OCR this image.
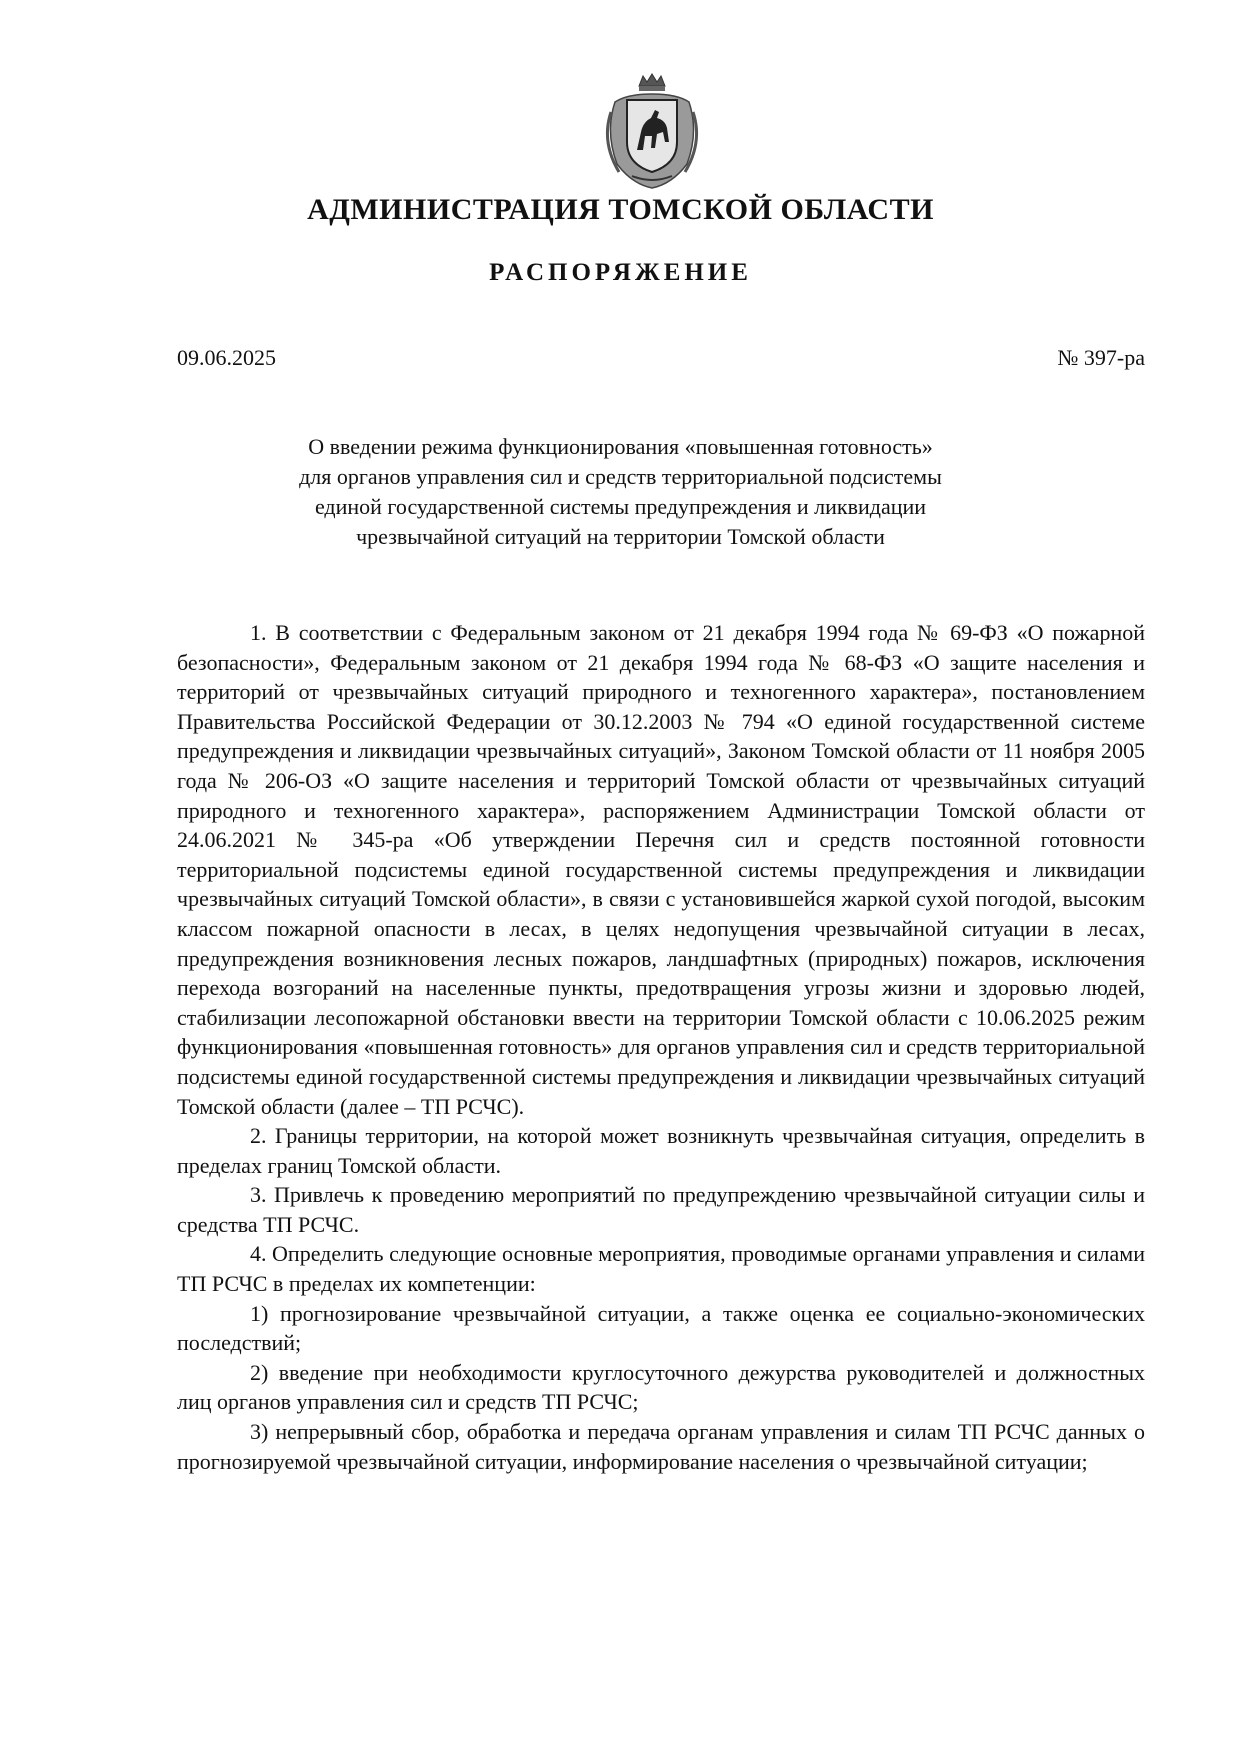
АДМИНИСТРАЦИЯ ТОМСКОЙ ОБЛАСТИ
РАСПОРЯЖЕНИЕ
09.06.2025	№ 397-ра
О введении режима функционирования «повышенная готовность»
для органов управления сил и средств территориальной подсистемы
единой государственной системы предупреждения и ликвидации
чрезвычайной ситуаций на территории Томской области

1. В соответствии с Федеральным законом от 21 декабря 1994 года № 69-ФЗ «О пожарной безопасности», Федеральным законом от 21 декабря 1994 года № 68-ФЗ «О защите населения и территорий от чрезвычайных ситуаций природного и техногенного характера», постановлением Правительства Российской Федерации от 30.12.2003 № 794 «О единой государственной системе предупреждения и ликвидации чрезвычайных ситуаций», Законом Томской области от 11 ноября 2005 года № 206-ОЗ «О защите населения и территорий Томской области от чрезвычайных ситуаций природного и техногенного характера», распоряжением Администрации Томской области от 24.06.2021 № 345-ра «Об утверждении Перечня сил и средств постоянной готовности территориальной подсистемы единой государственной системы предупреждения и ликвидации чрезвычайных ситуаций Томской области», в связи с установившейся жаркой сухой погодой, высоким классом пожарной опасности в лесах, в целях недопущения чрезвычайной ситуации в лесах, предупреждения возникновения лесных пожаров, ландшафтных (природных) пожаров, исключения перехода возгораний на населенные пункты, предотвращения угрозы жизни и здоровью людей, стабилизации лесопожарной обстановки ввести на территории Томской области с 10.06.2025 режим функционирования «повышенная готовность» для органов управления сил и средств территориальной подсистемы единой государственной системы предупреждения и ликвидации чрезвычайных ситуаций Томской области (далее – ТП РСЧС).

2. Границы территории, на которой может возникнуть чрезвычайная ситуация, определить в пределах границ Томской области.

3. Привлечь к проведению мероприятий по предупреждению чрезвычайной ситуации силы и средства ТП РСЧС.

4. Определить следующие основные мероприятия, проводимые органами управления и силами ТП РСЧС в пределах их компетенции:

1) прогнозирование чрезвычайной ситуации, а также оценка ее социально-экономических последствий;

2) введение при необходимости круглосуточного дежурства руководителей и должностных лиц органов управления сил и средств ТП РСЧС;

3) непрерывный сбор, обработка и передача органам управления и силам ТП РСЧС данных о прогнозируемой чрезвычайной ситуации, информирование населения о чрезвычайной ситуации;
